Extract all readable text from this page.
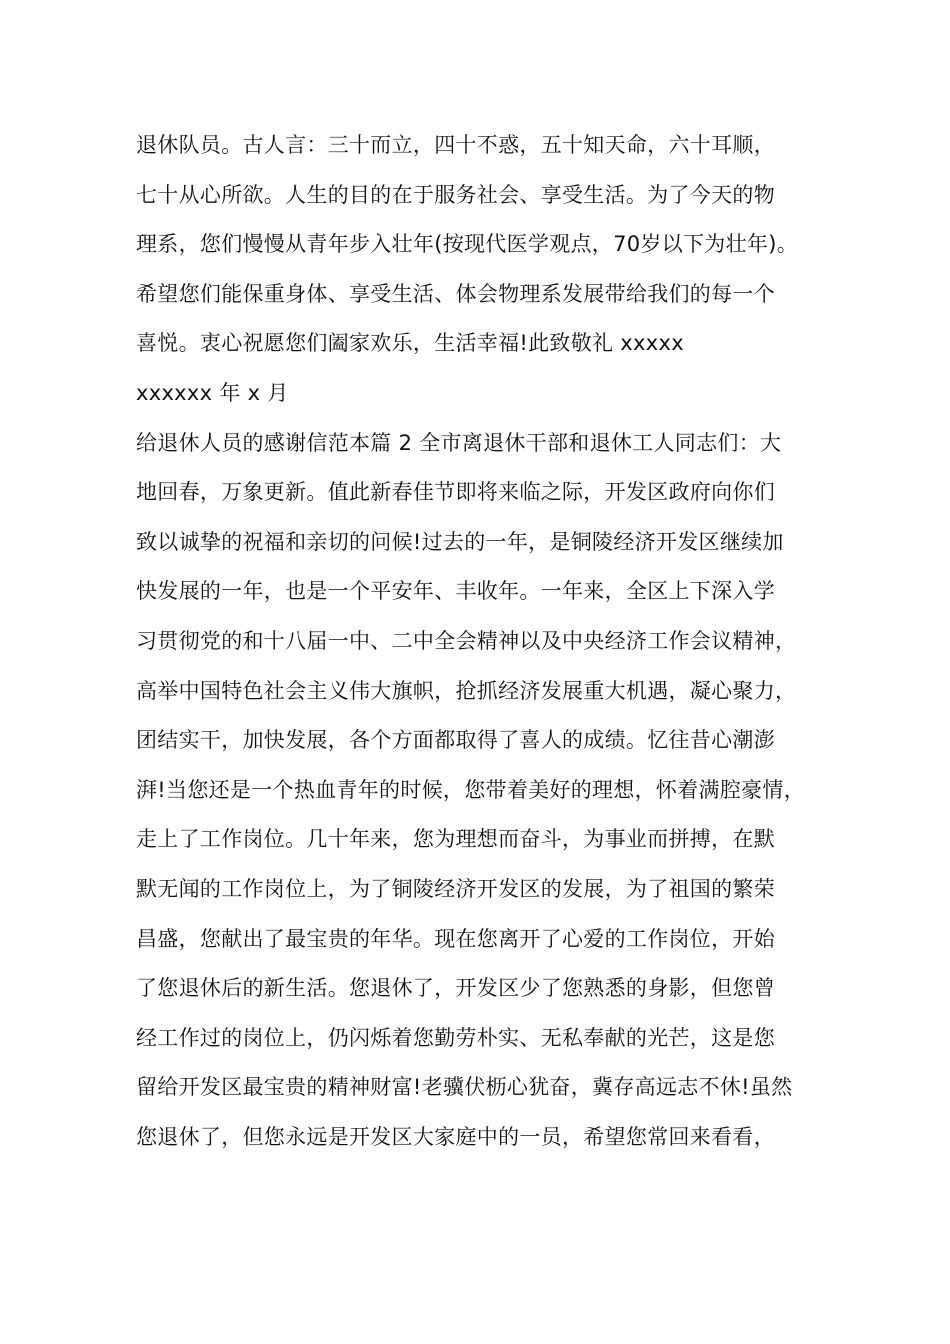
退休队员。古人言：三十而立，四十不惑，五十知天命，六十耳顺，
七十从心所欲。人生的目的在于服务社会、享受生活。为了今天的物
理系，您们慢慢从青年步入壮年(按现代医学观点，70岁以下为壮年)。
希望您们能保重身体、享受生活、体会物理系发展带给我们的每一个
喜悦。衷心祝愿您们阖家欢乐，生活幸福!此致敬礼 xxxxx
xxxxxx 年 x 月
给退休人员的感谢信范本篇 2 全市离退休干部和退休工人同志们：大
地回春，万象更新。值此新春佳节即将来临之际，开发区政府向你们
致以诚挚的祝福和亲切的问候!过去的一年，是铜陵经济开发区继续加
快发展的一年，也是一个平安年、丰收年。一年来，全区上下深入学
习贯彻党的和十八届一中、二中全会精神以及中央经济工作会议精神，
高举中国特色社会主义伟大旗帜，抢抓经济发展重大机遇，凝心聚力，
团结实干，加快发展，各个方面都取得了喜人的成绩。忆往昔心潮澎
湃!当您还是一个热血青年的时候，您带着美好的理想，怀着满腔豪情，
走上了工作岗位。几十年来，您为理想而奋斗，为事业而拼搏，在默
默无闻的工作岗位上，为了铜陵经济开发区的发展，为了祖国的繁荣
昌盛，您献出了最宝贵的年华。现在您离开了心爱的工作岗位，开始
了您退休后的新生活。您退休了，开发区少了您熟悉的身影，但您曾
经工作过的岗位上，仍闪烁着您勤劳朴实、无私奉献的光芒，这是您
留给开发区最宝贵的精神财富!老骥伏枥心犹奋，冀存高远志不休!虽然
您退休了，但您永远是开发区大家庭中的一员，希望您常回来看看，
